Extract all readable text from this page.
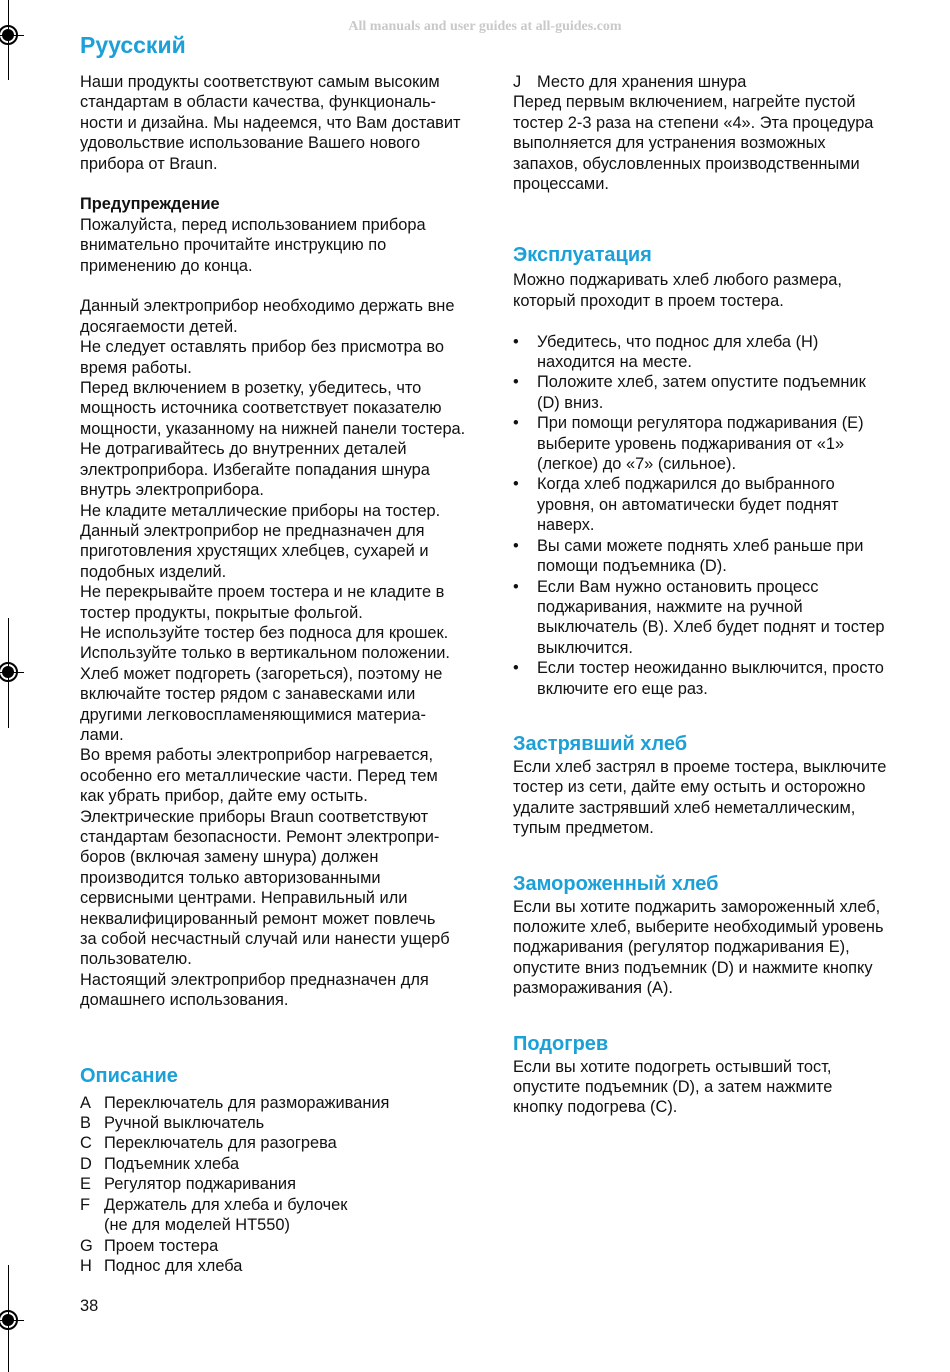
All manuals and user guides at all-guides.com
Руусский

Наши продукты соответствуют самым высоким

стандартам в области качества, функциональ-

ности и дизайна. Мы надеемся, что Вам доставит

удовольствие использование Вашего нового

прибора от Braun.

Предупреждение

Пожалуйста, перед использованием прибора

внимательно прочитайте инструкцию по

применению до конца.

Данный электроприбор необходимо держать вне

досягаемости детей.

Не следует оставлять прибор без присмотра во

время работы.

Перед включением в розетку, убедитесь, что

мощность источника соответствует показателю

мощности, указанному на нижней панели тостера.

Не дотрагивайтесь до внутренних деталей

электроприбора. Избегайте попадания шнура

внутрь электроприбора.

Не кладите металлические приборы на тостер.

Данный электроприбор не предназначен для

приготовления хрустящих хлебцев, сухарей и

подобных изделий.

Не перекрывайте проем тостера и не кладите в

тостер продукты, покрытые фольгой.

Не используйте тостер без подноса для крошек.

Используйте только в вертикальном положении.

Хлеб может подгореть (загореться), поэтому не

включайте тостер рядом с занавесками или

другими легковоспламеняющимися материа-

лами.

Во время работы электроприбор нагревается,

особенно его металлические части. Перед тем

как убрать прибор, дайте ему остыть.

Электрические приборы Braun соответствуют

стандартам безопасности. Ремонт электропри-

боров (включая замену шнура) должен

производится только авторизованными

сервисными центрами. Неправильный или

неквалифицированный ремонт может повлечь

за собой несчастный случай или нанести ущерб

пользователю.

Настоящий электроприбор предназначен для

домашнего использования.

Описание
A Переключатель для размораживания
B Ручной выключатель
C Переключатель для разогрева
D Подъемник хлеба
E Регулятор поджаривания
F Держатель для хлеба и булочек
(не для моделей HT550)
G Проем тостера
H Поднос для хлеба
J Место для хранения шнура

Перед первым включением, нагрейте пустой

тостер 2-3 раза на степени «4». Эта процедура

выполняется для устранения возможных

запахов, обусловленных производственными

процессами.

Эксплуатация

Можно поджаривать хлеб любого размера,

который проходит в проем тостера.

• Убедитесь, что поднос для хлеба (H)
находится на месте.
• Положите хлеб, затем опустите подъемник
(D) вниз.
• При помощи регулятора поджаривания (E)
выберите уровень поджаривания от «1»
(легкое) до «7» (сильное).
• Когда хлеб поджарился до выбранного
уровня, он автоматически будет поднят
наверх.
• Вы сами можете поднять хлеб раньше при
помощи подъемника (D).
• Если Вам нужно остановить процесс
поджаривания, нажмите на ручной
выключатель (B). Хлеб будет поднят и тостер
выключится.
• Если тостер неожиданно выключится, просто
включите его еще раз.
Застрявший хлеб

Если хлеб застрял в проеме тостера, выключите

тостер из сети, дайте ему остыть и осторожно

удалите застрявший хлеб неметаллическим,

тупым предметом.

Замороженный хлеб

Если вы хотите поджарить замороженный хлеб,

положите хлеб, выберите необходимый уровень

поджаривания (регулятор поджаривания E),

опустите вниз подъемник (D) и нажмите кнопку

размораживания (A).

Подогрев

Если вы хотите подогреть остывший тост,

опустите подъемник (D), а затем нажмите

кнопку подогрева (C).

38
